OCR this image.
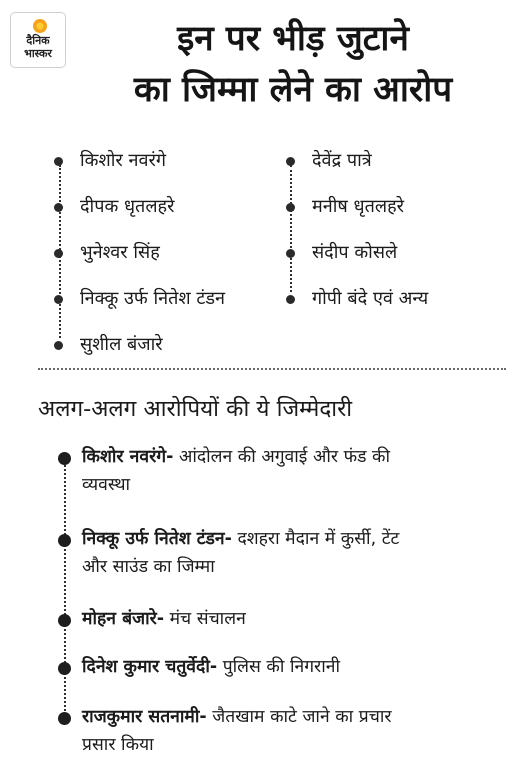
दैनिक
भास्कर	इन पर भीड़ जुटाने
का जिम्मा लेने का आरोप
किशोर नवरंगे
दीपक धृतलहरे
भुनेश्वर सिंह
निक्कू उर्फ नितेश टंडन
सुशील बंजारे
देवेंद्र पात्रे
मनीष धृतलहरे
संदीप कोसले
गोपी बंदे एवं अन्य
अलग-अलग आरोपियों की ये जिम्मेदारी
किशोर नवरंगे- आंदोलन की अगुवाई और फंड की
व्यवस्था
निक्कू उर्फ नितेश टंडन- दशहरा मैदान में कुर्सी, टेंट
और साउंड का जिम्मा
मोहन बंजारे- मंच संचालन
दिनेश कुमार चतुर्वेदी- पुलिस की निगरानी
राजकुमार सतनामी- जैतखाम काटे जाने का प्रचार
प्रसार किया
